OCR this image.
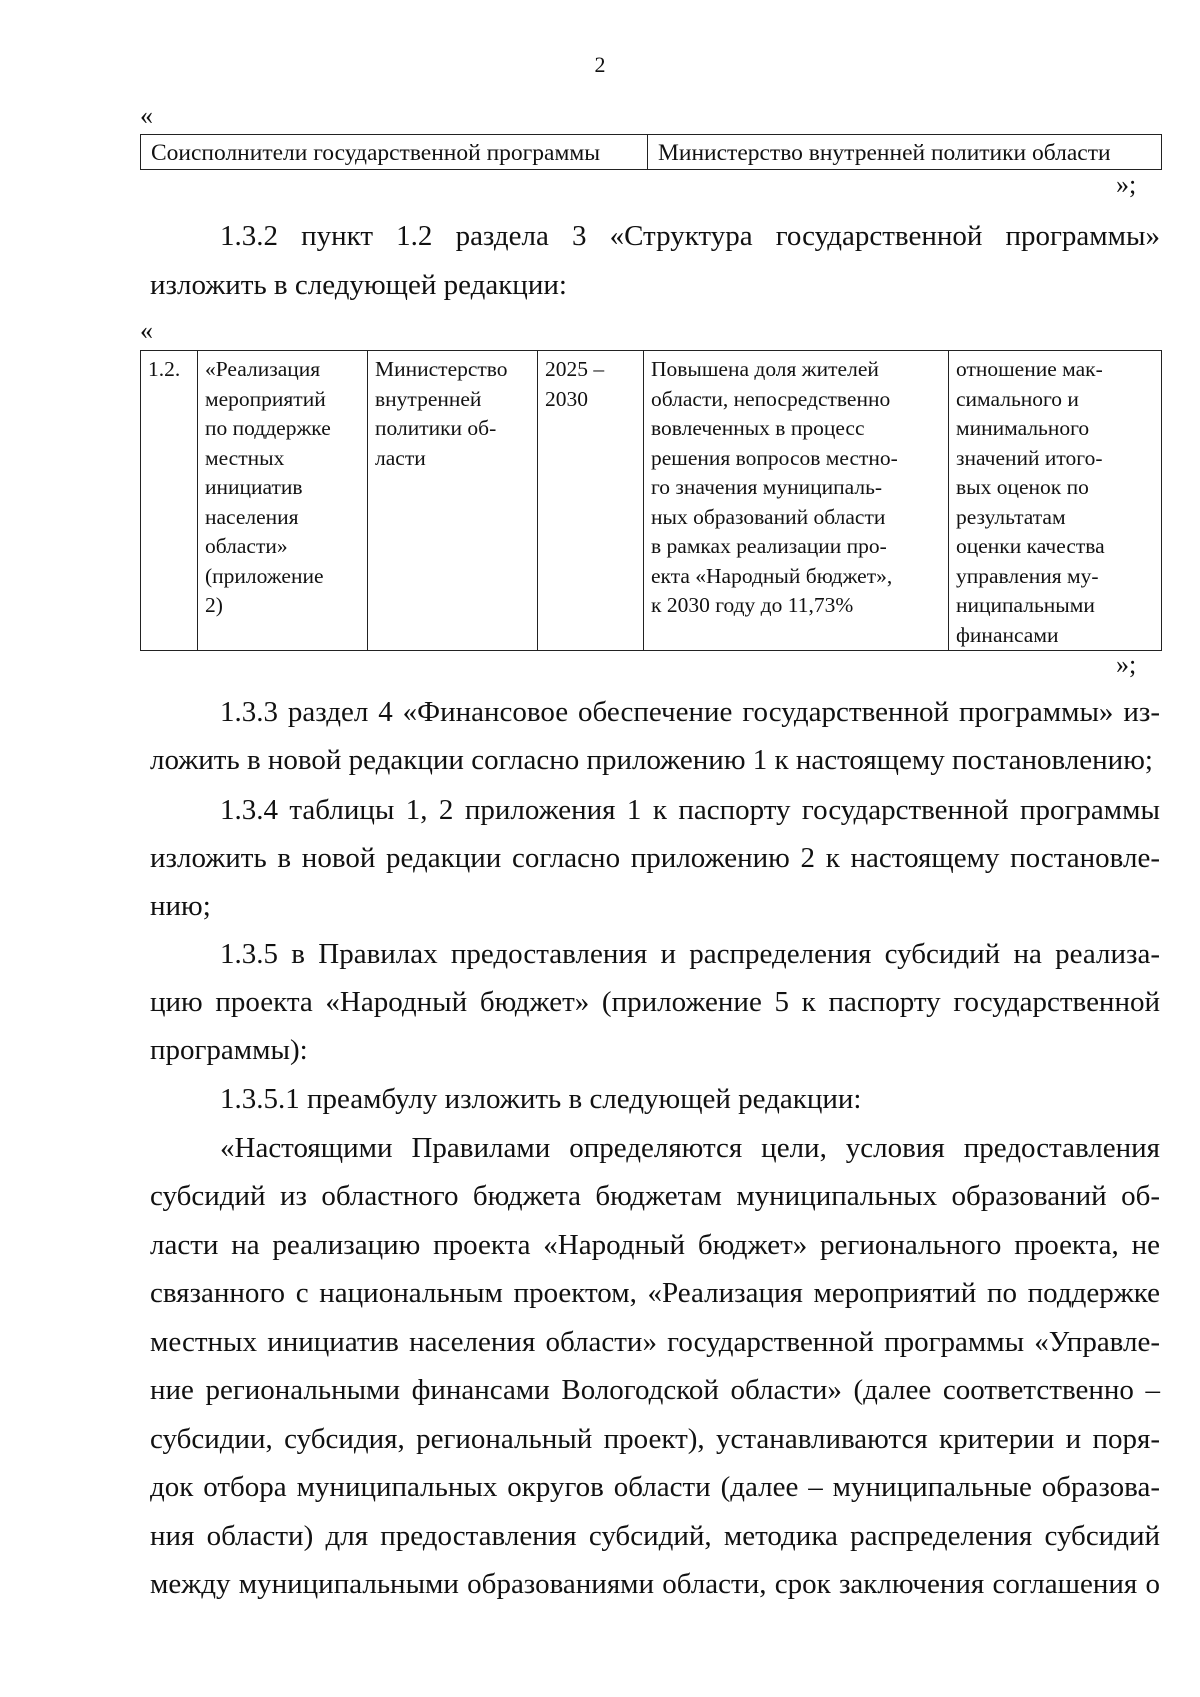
2
«
Соисполнители государственной программы	Министерство внутренней политики области
»;

1.3.2 пункт 1.2 раздела 3 «Структура государственной программы» изложить в следующей редакции:

«
1.2.	«Реализация
мероприятий
по поддержке
местных
инициатив
населения
области»
(приложение
2)	Министерство
внутренней
политики об-
ласти	2025 –
2030	Повышена доля жителей
области, непосредственно
вовлеченных в процесс
решения вопросов местно-
го значения муниципаль-
ных образований области
в рамках реализации про-
екта «Народный бюджет»,
к 2030 году до 11,73%	отношение мак-
симального и
минимального
значений итого-
вых оценок по
результатам
оценки качества
управления му-
ниципальными
финансами
»;

1.3.3 раздел 4 «Финансовое обеспечение государственной программы» из-

ложить в новой редакции согласно приложению 1 к настоящему постановлению;

1.3.4 таблицы 1, 2 приложения 1 к паспорту государственной программы

изложить в новой редакции согласно приложению 2 к настоящему постановле-

нию;

1.3.5 в Правилах предоставления и распределения субсидий на реализа-

цию проекта «Народный бюджет» (приложение 5 к паспорту государственной

программы):

1.3.5.1 преамбулу изложить в следующей редакции:

«Настоящими Правилами определяются цели, условия предоставления

субсидий из областного бюджета бюджетам муниципальных образований об-

ласти на реализацию проекта «Народный бюджет» регионального проекта, не

связанного с национальным проектом, «Реализация мероприятий по поддержке

местных инициатив населения области» государственной программы «Управле-

ние региональными финансами Вологодской области» (далее соответственно –

субсидии, субсидия, региональный проект), устанавливаются критерии и поря-

док отбора муниципальных округов области (далее – муниципальные образова-

ния области) для предоставления субсидий, методика распределения субсидий

между муниципальными образованиями области, срок заключения соглашения о
